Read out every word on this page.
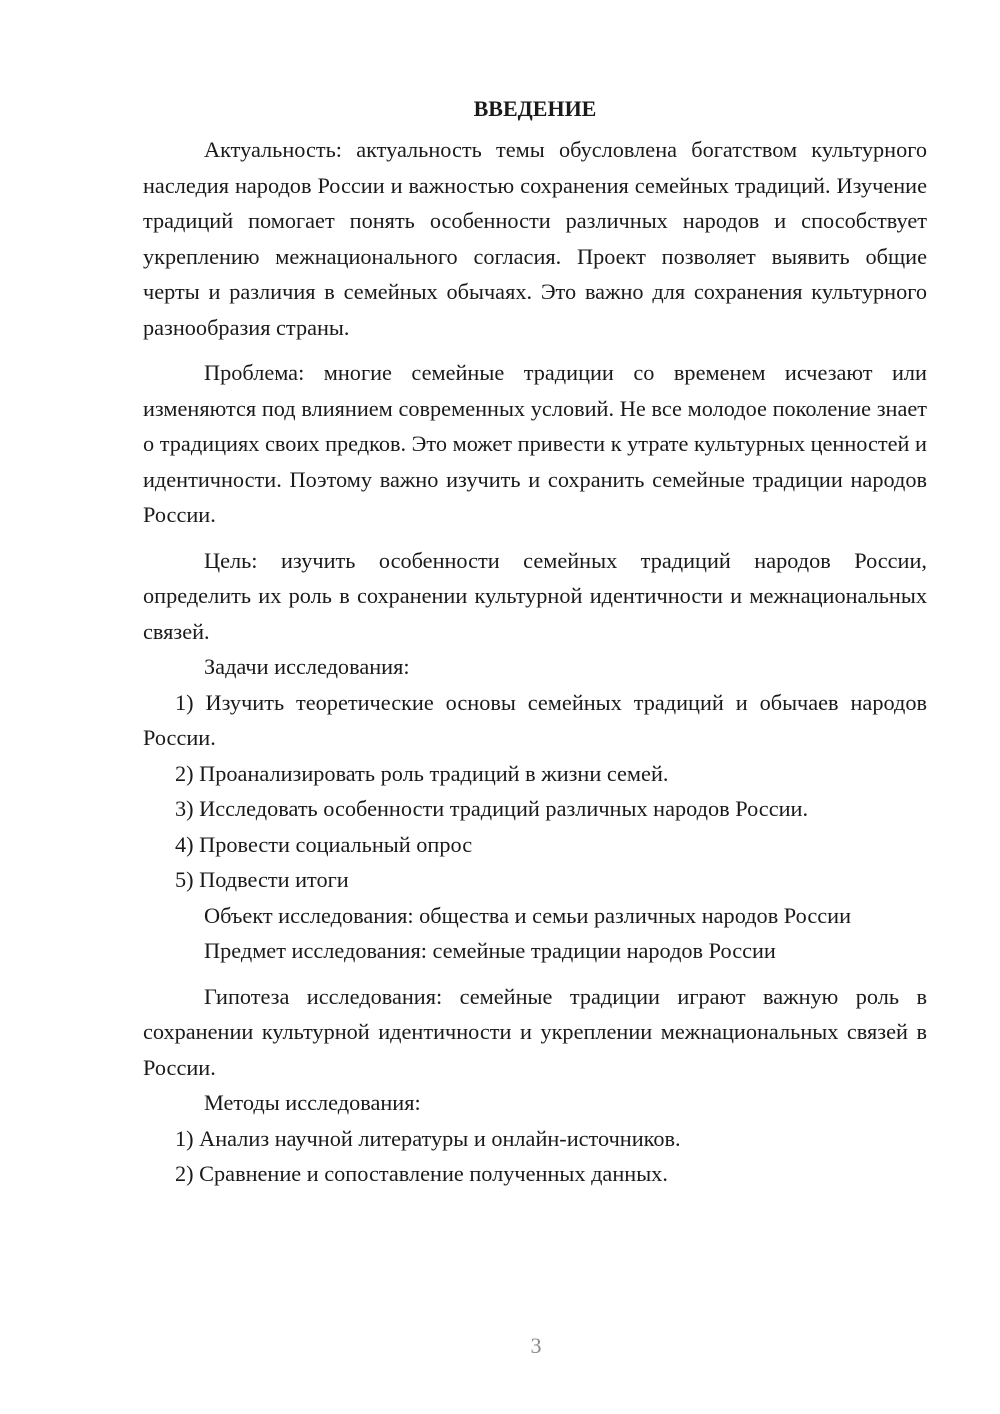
ВВЕДЕНИЕ

Актуальность: актуальность темы обусловлена богатством культурного наследия народов России и важностью сохранения семейных традиций. Изучение традиций помогает понять особенности различных народов и способствует укреплению межнационального согласия. Проект позволяет выявить общие черты и различия в семейных обычаях. Это важно для сохранения культурного разнообразия страны.

Проблема: многие семейные традиции со временем исчезают или изменяются под влиянием современных условий. Не все молодое поколение знает о традициях своих предков. Это может привести к утрате культурных ценностей и идентичности. Поэтому важно изучить и сохранить семейные традиции народов России.

Цель: изучить особенности семейных традиций народов России, определить их роль в сохранении культурной идентичности и межнациональных связей.

Задачи исследования:

1) Изучить теоретические основы семейных традиций и обычаев народов России.

2) Проанализировать роль традиций в жизни семей.

3) Исследовать особенности традиций различных народов России.

4) Провести социальный опрос

5) Подвести итоги

Объект исследования: общества и семьи различных народов России

Предмет исследования: семейные традиции народов России

Гипотеза исследования: семейные традиции играют важную роль в сохранении культурной идентичности и укреплении межнациональных связей в России.

Методы исследования:

1) Анализ научной литературы и онлайн-источников.

2) Сравнение и сопоставление полученных данных.

3
